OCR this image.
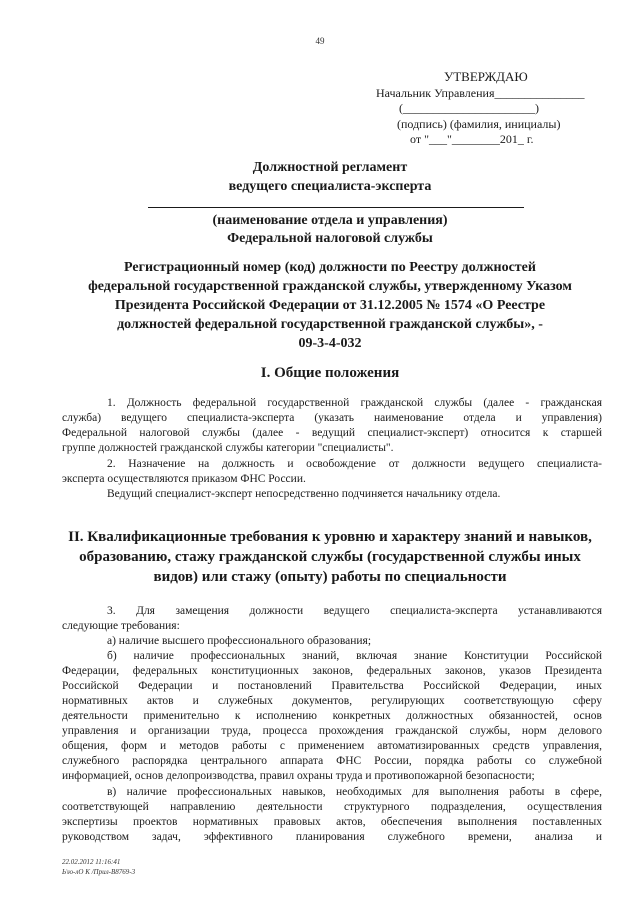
49
УТВЕРЖДАЮ
Начальник Управления_______________
(______________________)
(подпись) (фамилия, инициалы)
от "___"________201_ г.
Должностной регламент
ведущего специалиста-эксперта
(наименование отдела и управления)
Федеральной налоговой службы
Регистрационный номер (код) должности по Реестру должностей
федеральной государственной гражданской службы, утвержденному Указом
Президента Российской Федерации от 31.12.2005 № 1574 «О Реестре
должностей федеральной государственной гражданской службы», -
09-3-4-032
I. Общие положения
1. Должность федеральной государственной гражданской службы (далее - гражданская
служба) ведущего специалиста-эксперта (указать наименование отдела и управления)
Федеральной налоговой службы (далее - ведущий специалист-эксперт) относится к старшей
группе должностей гражданской службы категории "специалисты".
2. Назначение на должность и освобождение от должности ведущего специалиста-
эксперта осуществляются приказом ФНС России.
Ведущий специалист-эксперт непосредственно подчиняется начальнику отдела.
II. Квалификационные требования к уровню и характеру знаний и навыков,
образованию, стажу гражданской службы (государственной службы иных
видов) или стажу (опыту) работы по специальности
3. Для замещения должности ведущего специалиста-эксперта устанавливаются
следующие требования:
а) наличие высшего профессионального образования;
б) наличие профессиональных знаний, включая знание Конституции Российской
Федерации, федеральных конституционных законов, федеральных законов, указов Президента
Российской Федерации и постановлений Правительства Российской Федерации, иных
нормативных актов и служебных документов, регулирующих соответствующую сферу
деятельности применительно к исполнению конкретных должностных обязанностей, основ
управления и организации труда, процесса прохождения гражданской службы, норм делового
общения, форм и методов работы с применением автоматизированных средств управления,
служебного распорядка центрального аппарата ФНС России, порядка работы со служебной
информацией, основ делопроизводства, правил охраны труда и противопожарной безопасности;
в) наличие профессиональных навыков, необходимых для выполнения работы в сфере,
соответствующей направлению деятельности структурного подразделения, осуществления
экспертизы проектов нормативных правовых актов, обеспечения выполнения поставленных
руководством задач, эффективного планирования служебного времени, анализа и
22.02.2012 11:16:41
Ь\ю-лО К /Прил-В8769-3
